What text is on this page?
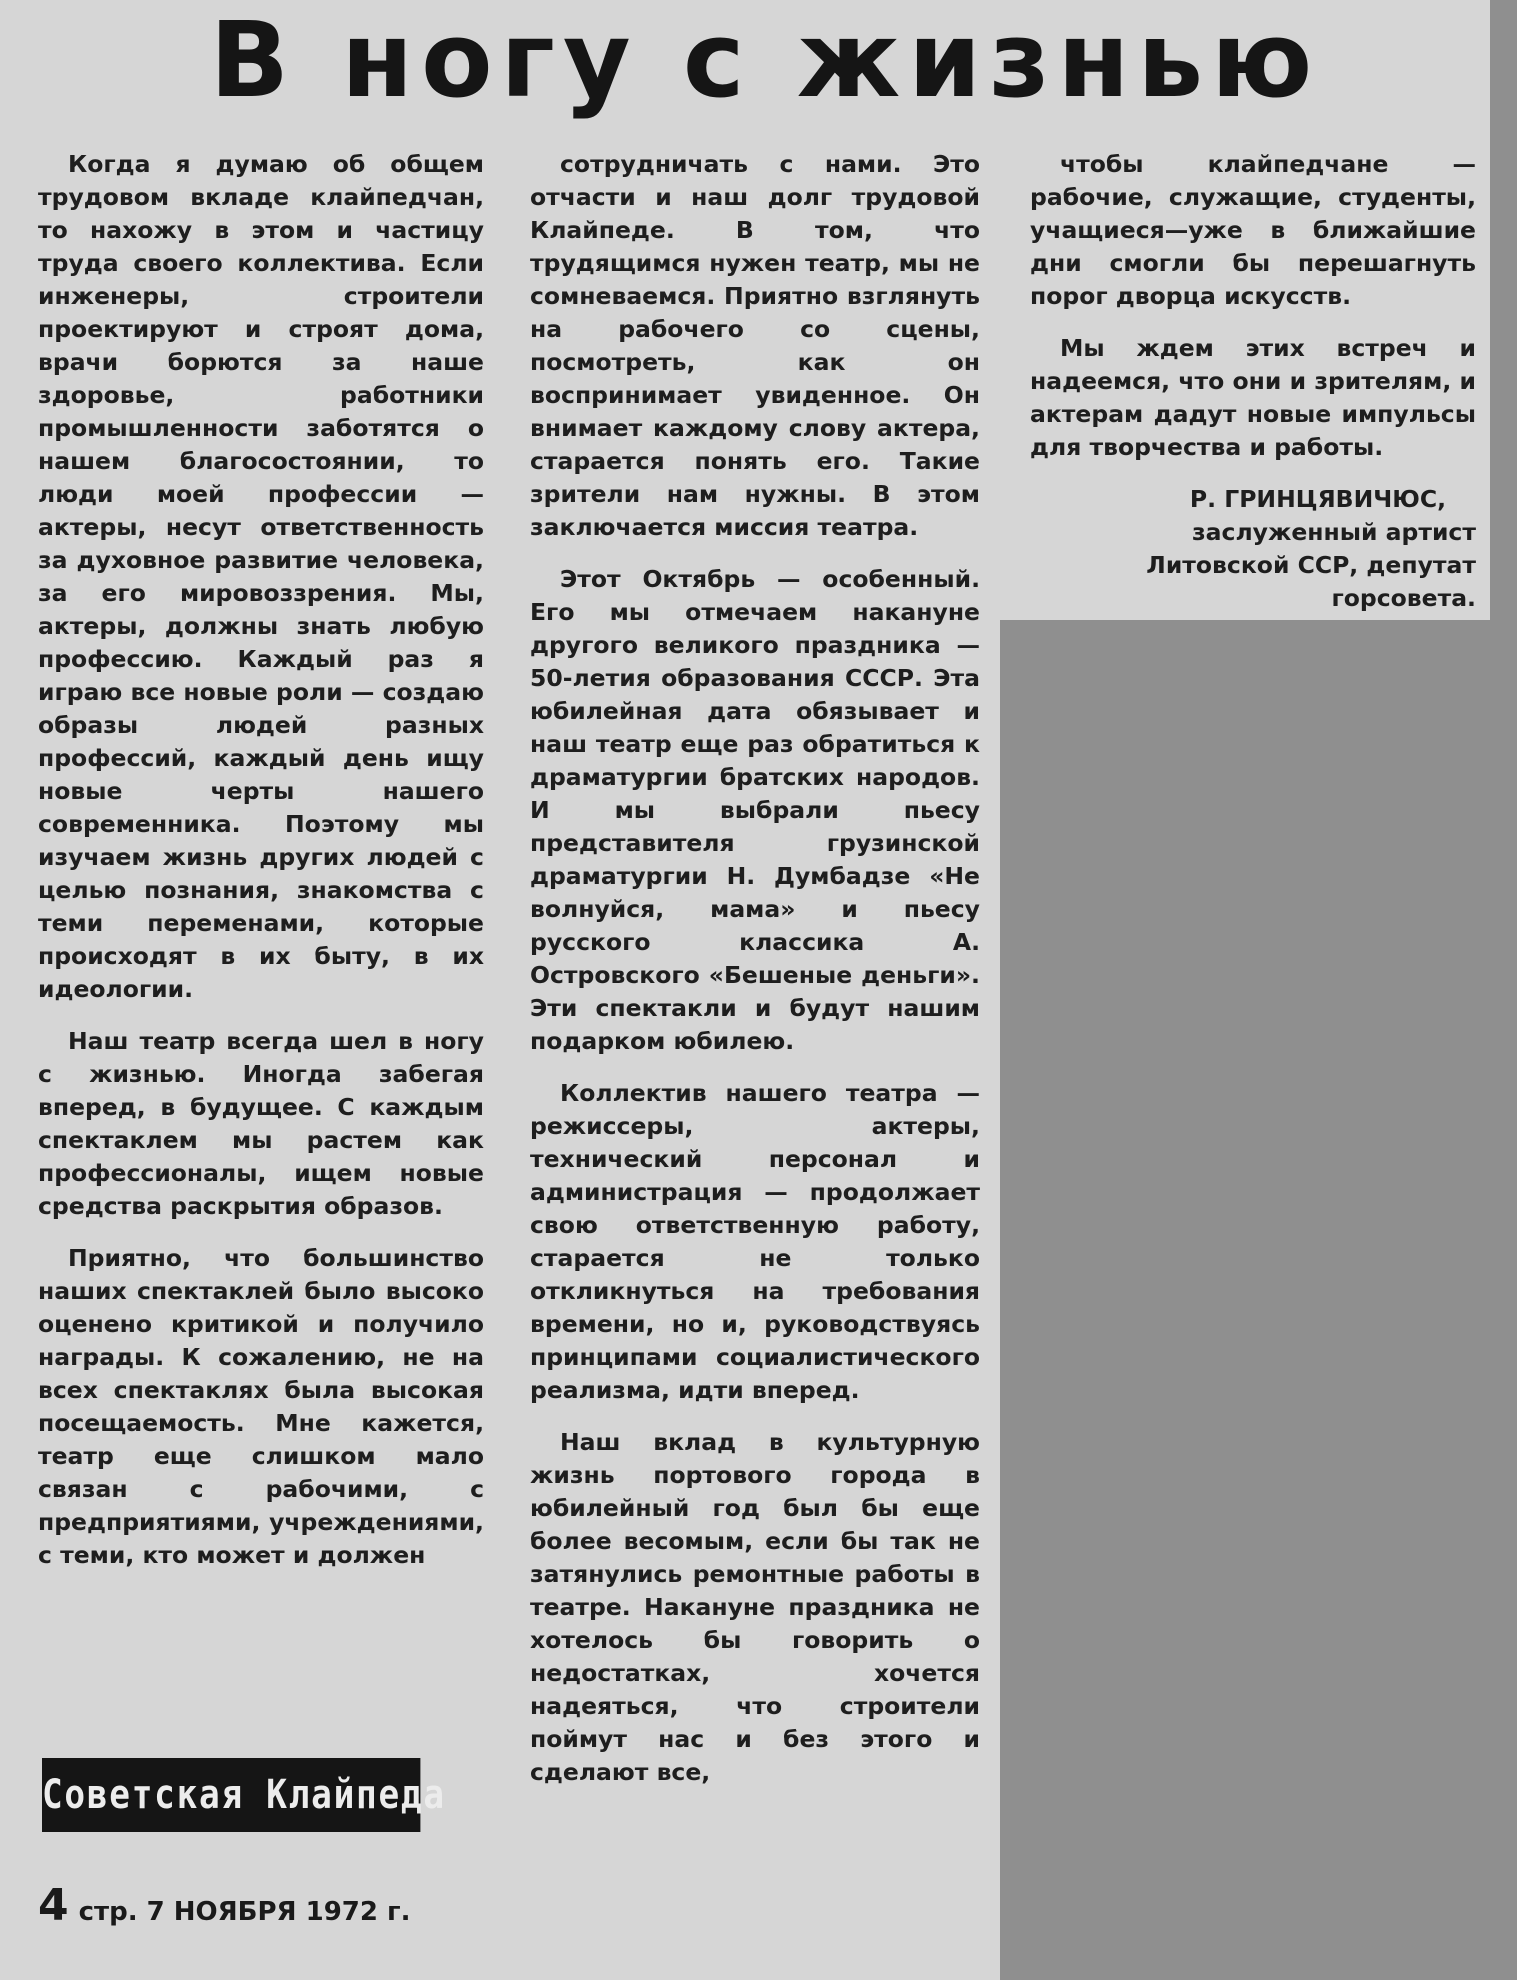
В ногу с жизнью

Когда я думаю об общем трудовом вкладе клайпедчан, то нахожу в этом и частицу труда своего коллектива. Если инженеры, строители проектируют и строят дома, врачи борются за наше здоровье, работники промышленности заботятся о нашем благосостоянии, то люди моей профессии — актеры, несут ответственность за духовное развитие человека, за его мировоззрения. Мы, актеры, должны знать любую профессию. Каждый раз я играю все новые роли — создаю образы людей разных профессий, каждый день ищу новые черты нашего современника. Поэтому мы изучаем жизнь других людей с целью познания, знакомства с теми переменами, которые происходят в их быту, в их идеологии.

Наш театр всегда шел в ногу с жизнью. Иногда забегая вперед, в будущее. С каждым спектаклем мы растем как профессионалы, ищем новые средства раскрытия образов.

Приятно, что большинство наших спектаклей было высоко оценено критикой и получило награды. К сожалению, не на всех спектаклях была высокая посещаемость. Мне кажется, театр еще слишком мало связан с рабочими, с предприятиями, учреждениями, с теми, кто может и должен

сотрудничать с нами. Это отчасти и наш долг трудовой Клайпеде. В том, что трудящимся нужен театр, мы не сомневаемся. Приятно взглянуть на рабочего со сцены, посмотреть, как он воспринимает увиденное. Он внимает каждому слову актера, старается понять его. Такие зрители нам нужны. В этом заключается миссия театра.

Этот Октябрь — особенный. Его мы отмечаем накануне другого великого праздника — 50-летия образования СССР. Эта юбилейная дата обязывает и наш театр еще раз обратиться к драматургии братских народов. И мы выбрали пьесу представителя грузинской драматургии Н. Думбадзе «Не волнуйся, мама» и пьесу русского классика А. Островского «Бешеные деньги». Эти спектакли и будут нашим подарком юбилею.

Коллектив нашего театра — режиссеры, актеры, технический персонал и администрация — продолжает свою ответственную работу, старается не только откликнуться на требования времени, но и, руководствуясь принципами социалистического реализма, идти вперед.

Наш вклад в культурную жизнь портового города в юбилейный год был бы еще более весомым, если бы так не затянулись ремонтные работы в театре. Накануне праздника не хотелось бы говорить о недостатках, хочется надеяться, что строители поймут нас и без этого и сделают все,

чтобы клайпедчане — рабочие, служащие, студенты, учащиеся—уже в ближайшие дни смогли бы перешагнуть порог дворца искусств.

Мы ждем этих встреч и надеемся, что они и зрителям, и актерам дадут новые импульсы для творчества и работы.

Р. ГРИНЦЯВИЧЮС,
заслуженный артист Литовской ССР, депутат горсовета.
Советская Клайпеда
4 стр. 7 НОЯБРЯ 1972 г.
